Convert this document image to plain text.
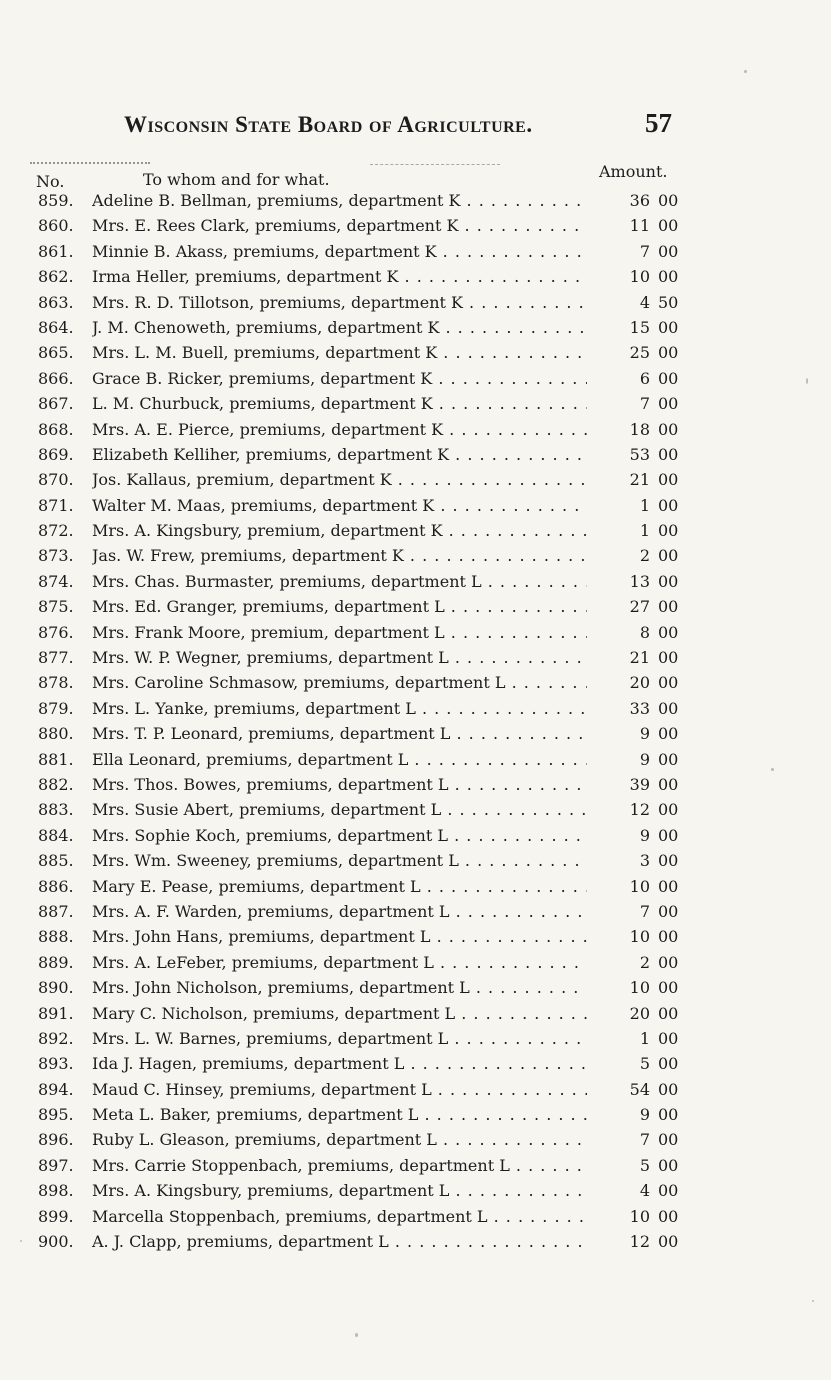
Wisconsin State Board of Agriculture.	57
No.	To whom and for what.	Amount.
859. Adeline B. Bellman, premiums, department K . . .	36 00
860. Mrs. E. Rees Clark, premiums, department K . . .	11 00
861. Minnie B. Akass, premiums, department K . . .	7 00
862. Irma Heller, premiums, department K . . .	10 00
863. Mrs. R. D. Tillotson, premiums, department K . . .	4 50
864. J. M. Chenoweth, premiums, department K . . .	15 00
865. Mrs. L. M. Buell, premiums, department K . . .	25 00
866. Grace B. Ricker, premiums, department K . . .	6 00
867. L. M. Churbuck, premiums, department K . . .	7 00
868. Mrs. A. E. Pierce, premiums, department K . . .	18 00
869. Elizabeth Kelliher, premiums, department K . . .	53 00
870. Jos. Kallaus, premium, department K . . .	21 00
871. Walter M. Maas, premiums, department K . . .	1 00
872. Mrs. A. Kingsbury, premium, department K . . .	1 00
873. Jas. W. Frew, premiums, department K . . .	2 00
874. Mrs. Chas. Burmaster, premiums, department L . . .	13 00
875. Mrs. Ed. Granger, premiums, department L . . .	27 00
876. Mrs. Frank Moore, premium, department L . . .	8 00
877. Mrs. W. P. Wegner, premiums, department L . . .	21 00
878. Mrs. Caroline Schmasow, premiums, department L . . .	20 00
879. Mrs. L. Yanke, premiums, department L . . .	33 00
880. Mrs. T. P. Leonard, premiums, department L . . .	9 00
881. Ella Leonard, premiums, department L . . .	9 00
882. Mrs. Thos. Bowes, premiums, department L . . .	39 00
883. Mrs. Susie Abert, premiums, department L . . .	12 00
884. Mrs. Sophie Koch, premiums, department L . . .	9 00
885. Mrs. Wm. Sweeney, premiums, department L . . .	3 00
886. Mary E. Pease, premiums, department L . . .	10 00
887. Mrs. A. F. Warden, premiums, department L . . .	7 00
888. Mrs. John Hans, premiums, department L . . .	10 00
889. Mrs. A. LeFeber, premiums, department L . . .	2 00
890. Mrs. John Nicholson, premiums, department L . . .	10 00
891. Mary C. Nicholson, premiums, department L . . .	20 00
892. Mrs. L. W. Barnes, premiums, department L . . .	1 00
893. Ida J. Hagen, premiums, department L . . .	5 00
894. Maud C. Hinsey, premiums, department L . . .	54 00
895. Meta L. Baker, premiums, department L . . .	9 00
896. Ruby L. Gleason, premiums, department L . . .	7 00
897. Mrs. Carrie Stoppenbach, premiums, department L . . .	5 00
898. Mrs. A. Kingsbury, premiums, department L . . .	4 00
899. Marcella Stoppenbach, premiums, department L . . .	10 00
900. A. J. Clapp, premiums, department L . . .	12 00
